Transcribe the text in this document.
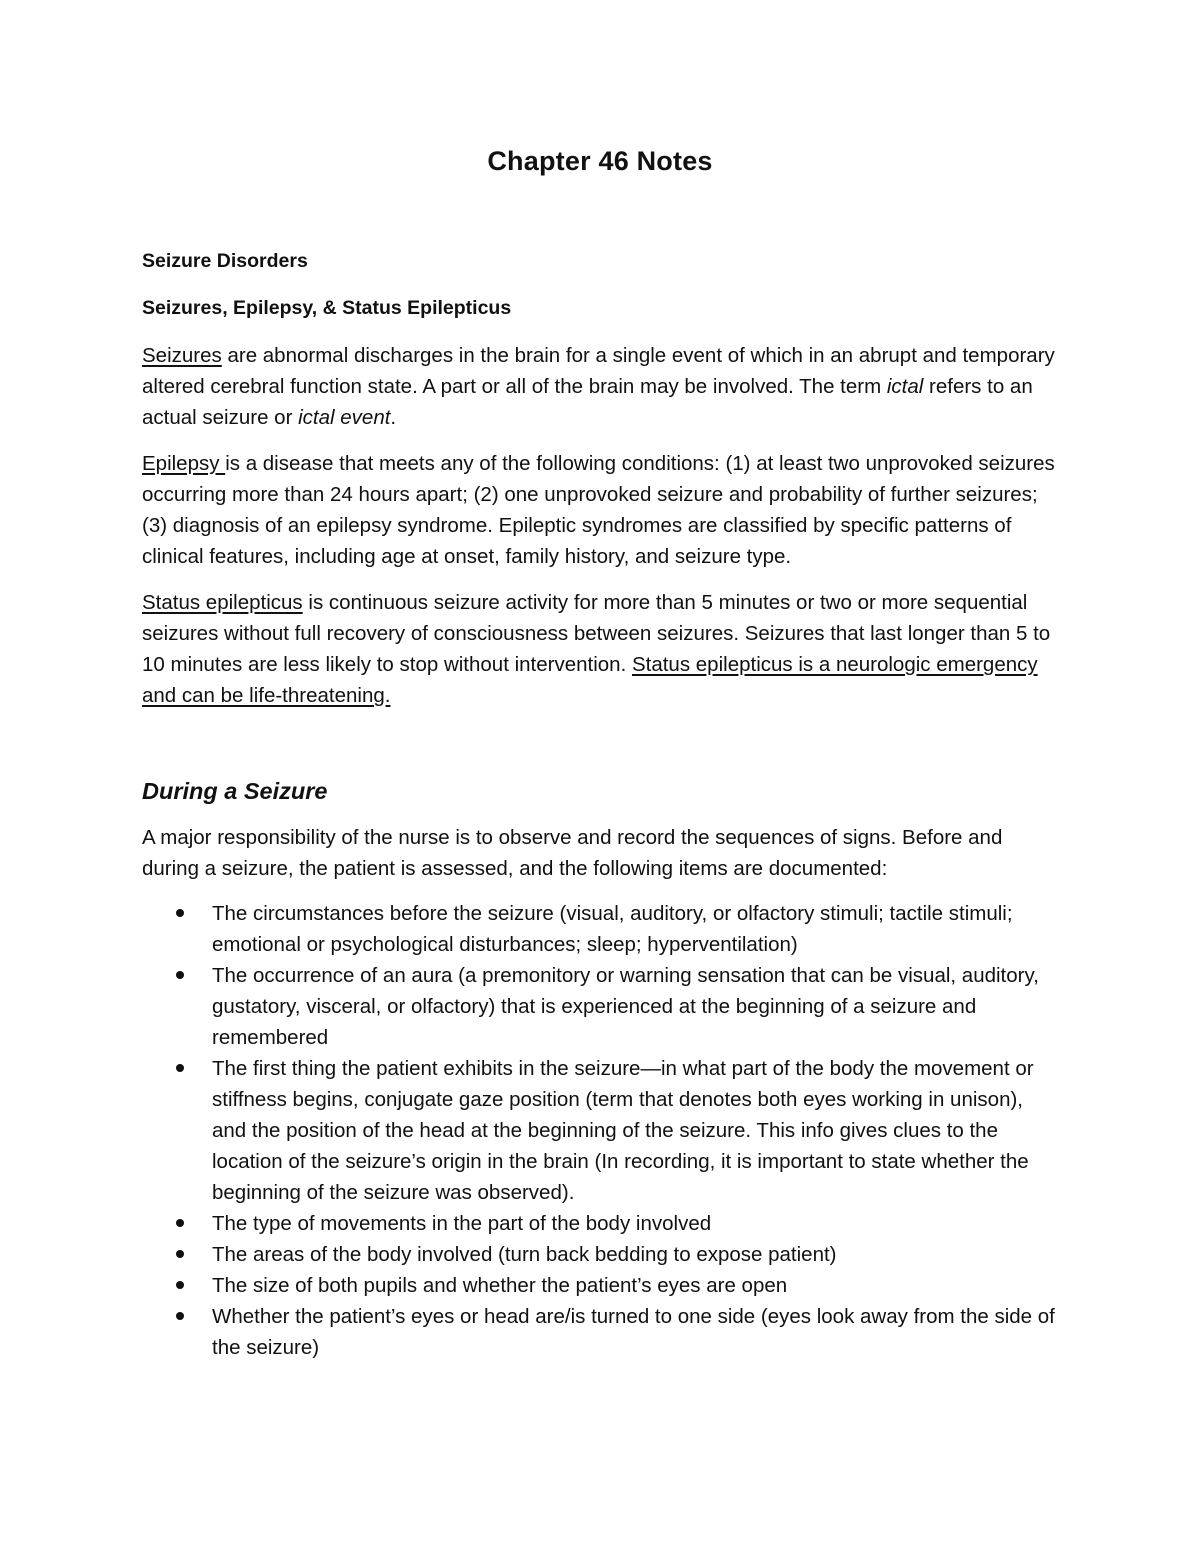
Chapter 46 Notes

Seizure Disorders

Seizures, Epilepsy, & Status Epilepticus

Seizures are abnormal discharges in the brain for a single event of which in an abrupt and temporary altered cerebral function state. A part or all of the brain may be involved. The term ictal refers to an actual seizure or ictal event.

Epilepsy is a disease that meets any of the following conditions: (1) at least two unprovoked seizures occurring more than 24 hours apart; (2) one unprovoked seizure and probability of further seizures; (3) diagnosis of an epilepsy syndrome. Epileptic syndromes are classified by specific patterns of clinical features, including age at onset, family history, and seizure type.

Status epilepticus is continuous seizure activity for more than 5 minutes or two or more sequential seizures without full recovery of consciousness between seizures. Seizures that last longer than 5 to 10 minutes are less likely to stop without intervention. Status epilepticus is a neurologic emergency and can be life-threatening.

During a Seizure

A major responsibility of the nurse is to observe and record the sequences of signs. Before and during a seizure, the patient is assessed, and the following items are documented:

The circumstances before the seizure (visual, auditory, or olfactory stimuli; tactile stimuli; emotional or psychological disturbances; sleep; hyperventilation)
The occurrence of an aura (a premonitory or warning sensation that can be visual, auditory, gustatory, visceral, or olfactory) that is experienced at the beginning of a seizure and remembered
The first thing the patient exhibits in the seizure—in what part of the body the movement or stiffness begins, conjugate gaze position (term that denotes both eyes working in unison), and the position of the head at the beginning of the seizure. This info gives clues to the location of the seizure’s origin in the brain (In recording, it is important to state whether the beginning of the seizure was observed).
The type of movements in the part of the body involved
The areas of the body involved (turn back bedding to expose patient)
The size of both pupils and whether the patient’s eyes are open
Whether the patient’s eyes or head are/is turned to one side (eyes look away from the side of the seizure)
